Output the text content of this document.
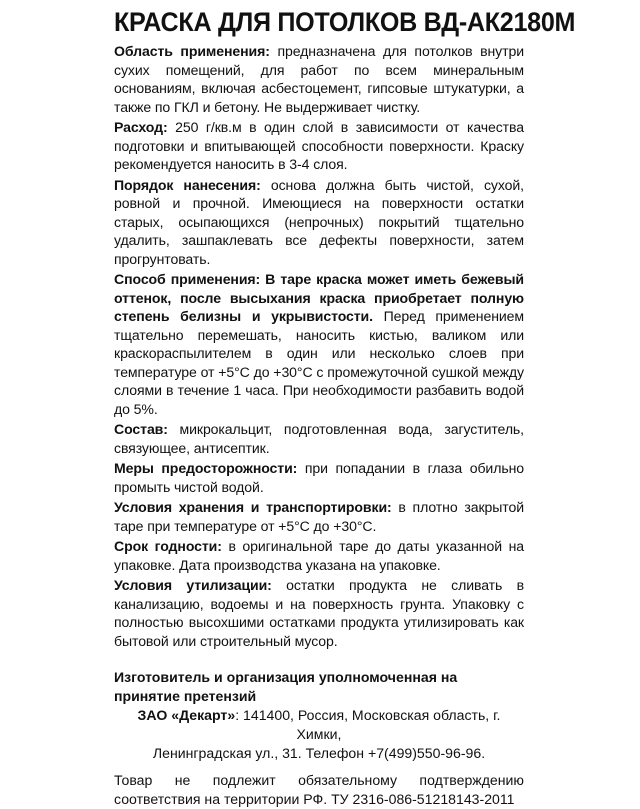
КРАСКА ДЛЯ ПОТОЛКОВ ВД-АК2180М

Область применения: предназначена для потолков внутри сухих помещений, для работ по всем минеральным основаниям, включая асбестоцемент, гипсовые штукатурки, а также по ГКЛ и бетону. Не выдерживает чистку.

Расход: 250 г/кв.м в один слой в зависимости от качества подготовки и впитывающей способности поверхности. Краску рекомендуется наносить в 3-4 слоя.

Порядок нанесения: основа должна быть чистой, сухой, ровной и прочной. Имеющиеся на поверхности остатки старых, осыпающихся (непрочных) покрытий тщательно удалить, зашпаклевать все дефекты поверхности, затем прогрунтовать.

Способ применения: В таре краска может иметь бежевый оттенок, после высыхания краска приобретает полную степень белизны и укрывистости. Перед применением тщательно перемешать, наносить кистью, валиком или краскораспылителем в один или несколько слоев при температуре от +5°С до +30°С с промежуточной сушкой между слоями в течение 1 часа. При необходимости разбавить водой до 5%.

Состав: микрокальцит, подготовленная вода, загуститель, связующее, антисептик.

Меры предосторожности: при попадании в глаза обильно промыть чистой водой.

Условия хранения и транспортировки: в плотно закрытой таре при температуре от +5°С до +30°С.

Срок годности: в оригинальной таре до даты указанной на упаковке. Дата производства указана на упаковке.

Условия утилизации: остатки продукта не сливать в канализацию, водоемы и на поверхность грунта. Упаковку с полностью высохшими остатками продукта утилизировать как бытовой или строительный мусор.

Изготовитель и организация уполномоченная на принятие претензий
ЗАО «Декарт»: 141400, Россия, Московская область, г. Химки,
Ленинградская ул., 31. Телефон +7(499)550-96-96.
Товар не подлежит обязательному подтверждению соответствия на территории РФ. ТУ 2316-086-51218143-2011
